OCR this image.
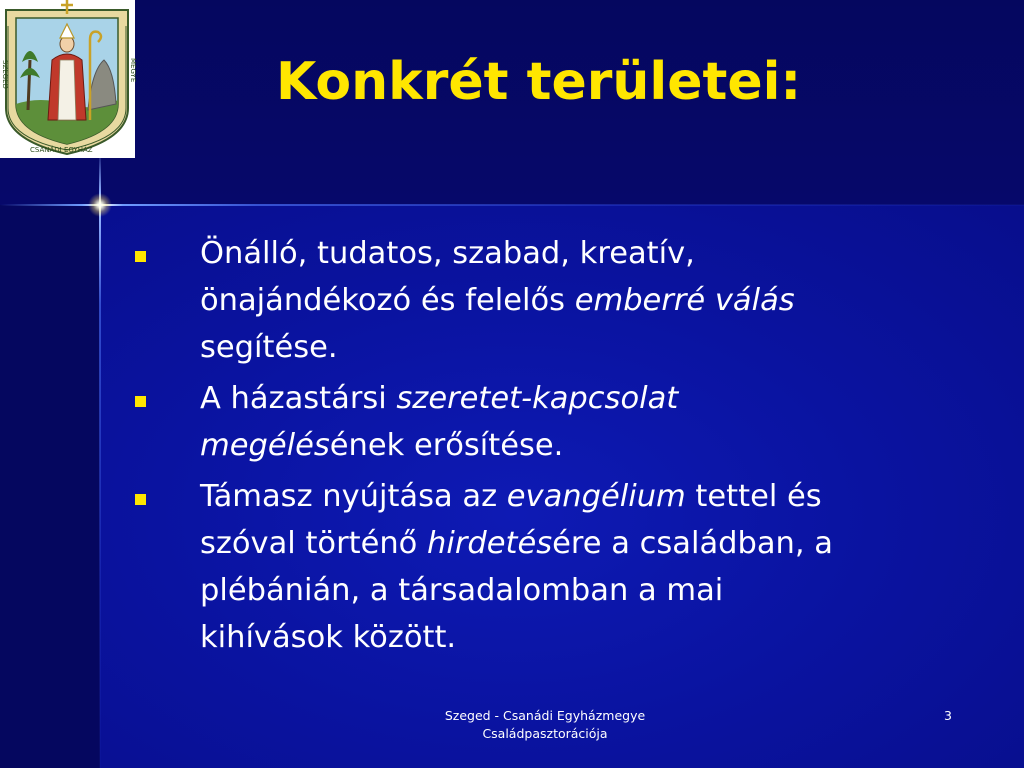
SZEGED	MEGYE
CSANÁDI EGYHÁZ
Konkrét területei:
Önálló, tudatos, szabad, kreatív,
önajándékozó és felelős emberré válás
segítése.
A házastársi szeretet-kapcsolat
megélésének erősítése.
Támasz nyújtása az evangélium tettel és
szóval történő hirdetésére a családban, a
plébánián, a társadalomban a mai
kihívások között.
Szeged - Csanádi Egyházmegye
Családpasztorációja
3
